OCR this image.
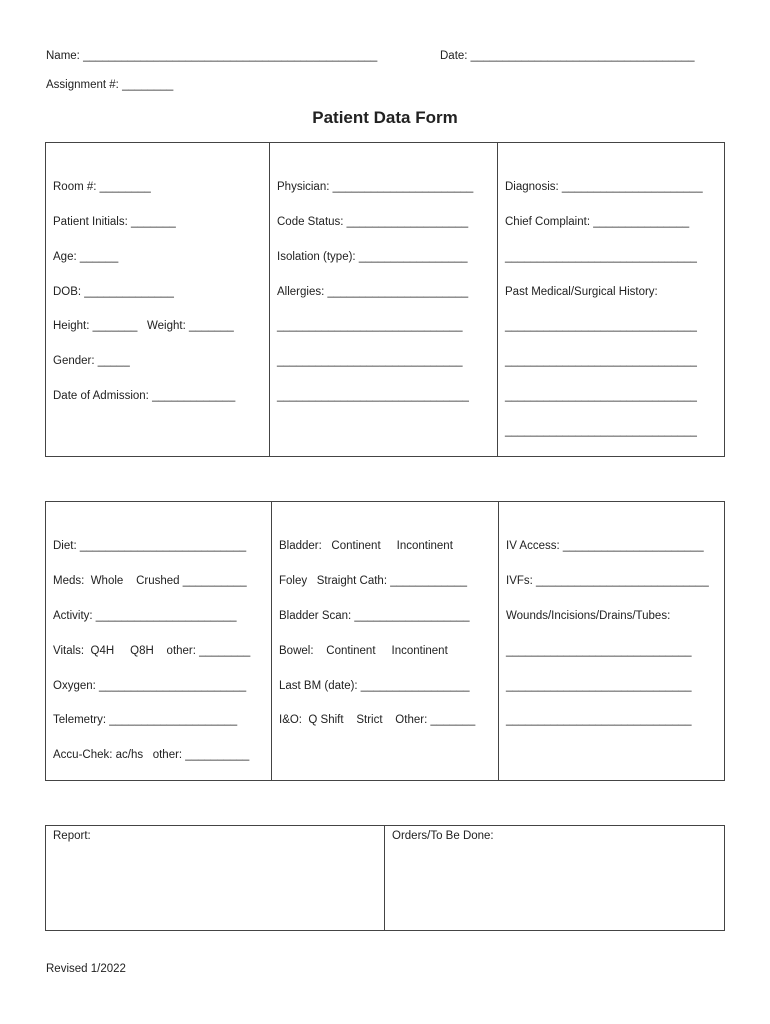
Name: ______________________________________________	Date: ___________________________________
Assignment #: ________
Patient Data Form
Room #: ________
Patient Initials: _______
Age: ______
DOB: ______________
Height: _______   Weight: _______
Gender: _____
Date of Admission: _____________
Physician: ______________________
Code Status: ___________________
Isolation (type): _________________
Allergies: ______________________
_____________________________
_____________________________
______________________________
Diagnosis: ______________________
Chief Complaint: _______________
______________________________
Past Medical/Surgical History:
______________________________
______________________________
______________________________
______________________________
Diet: __________________________
Meds:  Whole    Crushed __________
Activity: ______________________
Vitals:  Q4H     Q8H    other: ________
Oxygen: _______________________
Telemetry: ____________________
Accu-Chek: ac/hs   other: __________
Bladder:   Continent     Incontinent
Foley   Straight Cath: ____________
Bladder Scan: __________________
Bowel:    Continent     Incontinent
Last BM (date): _________________
I&O:  Q Shift    Strict    Other: _______
IV Access: ______________________
IVFs: ___________________________
Wounds/Incisions/Drains/Tubes:
_____________________________
_____________________________
_____________________________
Report:	Orders/To Be Done:
Revised 1/2022
